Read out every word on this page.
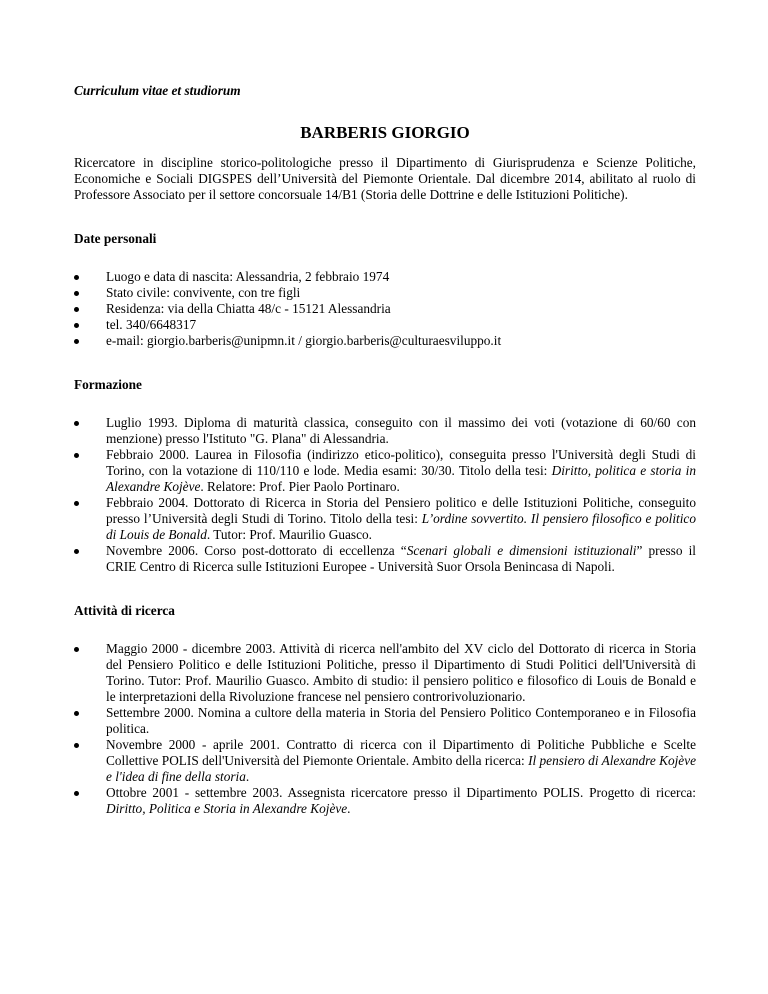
Curriculum vitae et studiorum

BARBERIS GIORGIO

Ricercatore in discipline storico-politologiche presso il Dipartimento di Giurisprudenza e Scienze Politiche, Economiche e Sociali DIGSPES dell’Università del Piemonte Orientale. Dal dicembre 2014, abilitato al ruolo di Professore Associato per il settore concorsuale 14/B1 (Storia delle Dottrine e delle Istituzioni Politiche).

Date personali

Luogo e data di nascita: Alessandria, 2 febbraio 1974
Stato civile: convivente, con tre figli
Residenza: via della Chiatta 48/c - 15121 Alessandria
tel. 340/6648317
e-mail: giorgio.barberis@unipmn.it / giorgio.barberis@culturaesviluppo.it

Formazione

Luglio 1993. Diploma di maturità classica, conseguito con il massimo dei voti (votazione di 60/60 con menzione) presso l'Istituto "G. Plana" di Alessandria.
Febbraio 2000. Laurea in Filosofia (indirizzo etico-politico), conseguita presso l'Università degli Studi di Torino, con la votazione di 110/110 e lode. Media esami: 30/30. Titolo della tesi: Diritto, politica e storia in Alexandre Kojève. Relatore: Prof. Pier Paolo Portinaro.
Febbraio 2004. Dottorato di Ricerca in Storia del Pensiero politico e delle Istituzioni Politiche, conseguito presso l’Università degli Studi di Torino. Titolo della tesi: L’ordine sovvertito. Il pensiero filosofico e politico di Louis de Bonald. Tutor: Prof. Maurilio Guasco.
Novembre 2006. Corso post-dottorato di eccellenza “Scenari globali e dimensioni istituzionali” presso il CRIE Centro di Ricerca sulle Istituzioni Europee - Università Suor Orsola Benincasa di Napoli.

Attività di ricerca

Maggio 2000 - dicembre 2003. Attività di ricerca nell'ambito del XV ciclo del Dottorato di ricerca in Storia del Pensiero Politico e delle Istituzioni Politiche, presso il Dipartimento di Studi Politici dell'Università di Torino. Tutor: Prof. Maurilio Guasco. Ambito di studio: il pensiero politico e filosofico di Louis de Bonald e le interpretazioni della Rivoluzione francese nel pensiero controrivoluzionario.
Settembre 2000. Nomina a cultore della materia in Storia del Pensiero Politico Contemporaneo e in Filosofia politica.
Novembre 2000 - aprile 2001. Contratto di ricerca con il Dipartimento di Politiche Pubbliche e Scelte Collettive POLIS dell'Università del Piemonte Orientale. Ambito della ricerca: Il pensiero di Alexandre Kojève e l'idea di fine della storia.
Ottobre 2001 - settembre 2003. Assegnista ricercatore presso il Dipartimento POLIS. Progetto di ricerca: Diritto, Politica e Storia in Alexandre Kojève.
